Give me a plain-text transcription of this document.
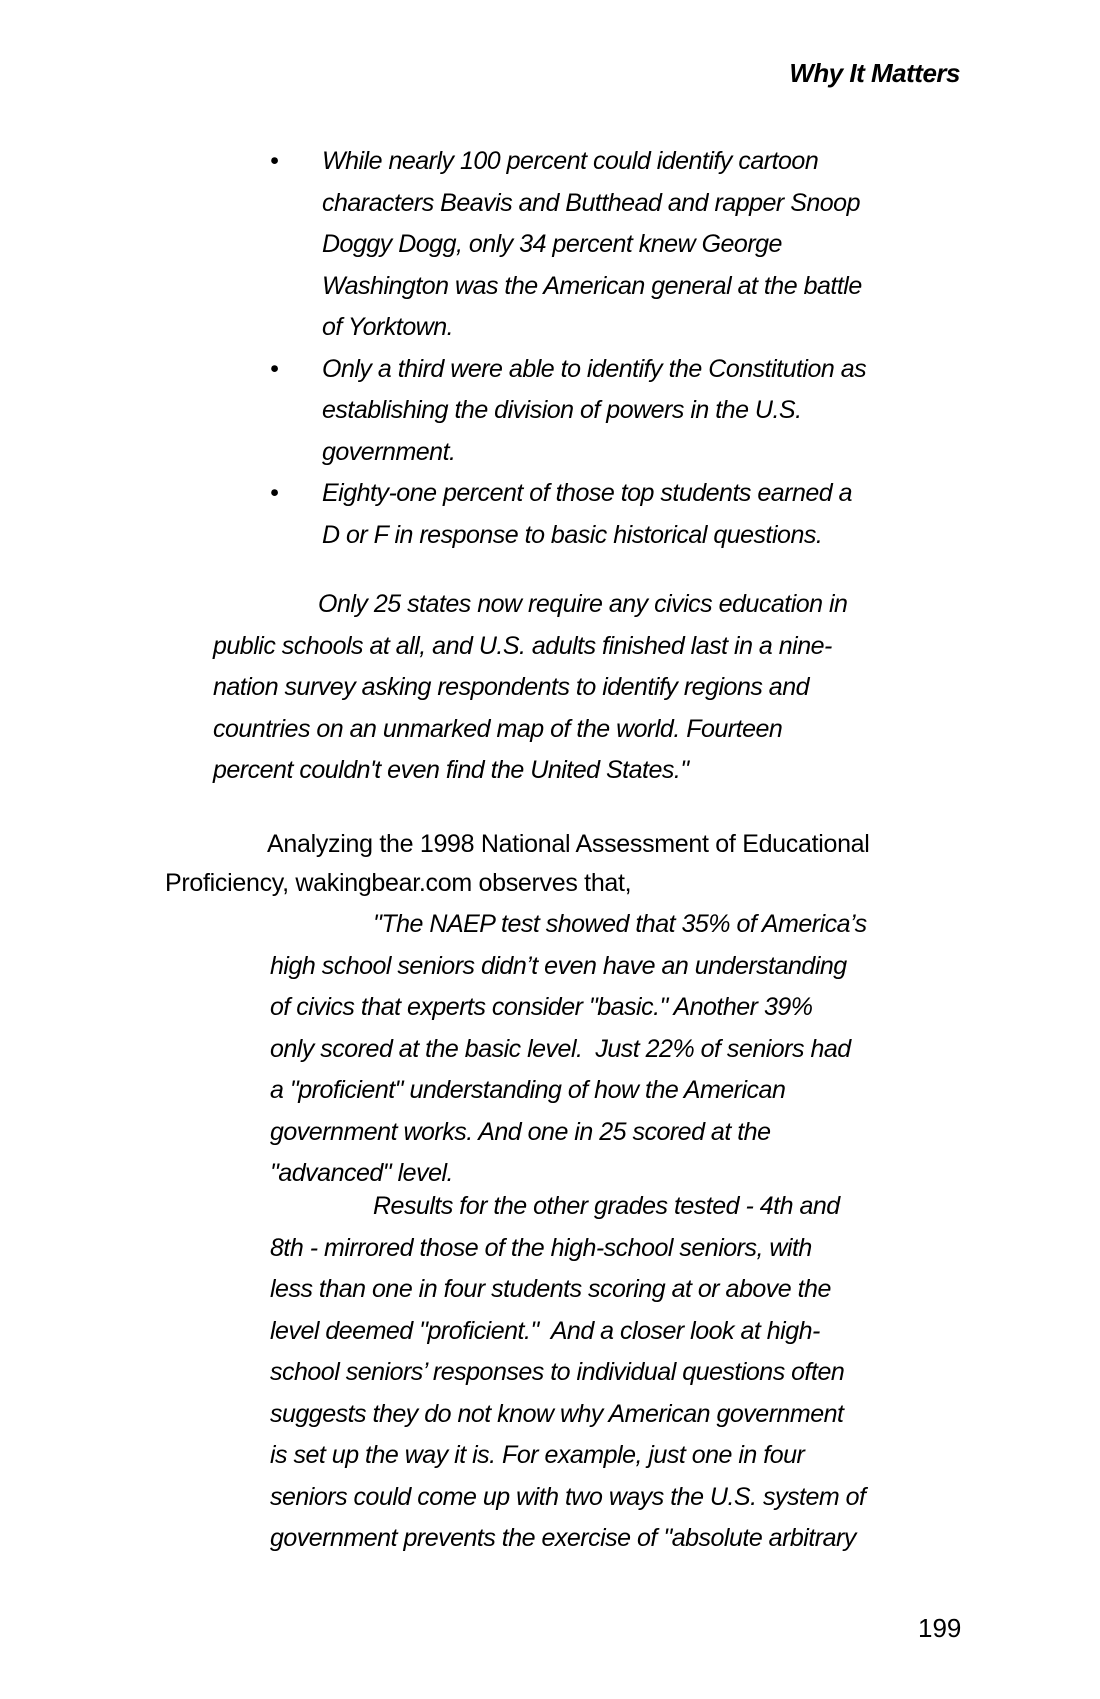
Why It Matters
•	While nearly 100 percent could identify cartoon
characters Beavis and Butthead and rapper Snoop
Doggy Dogg, only 34 percent knew George
Washington was the American general at the battle
of Yorktown.
•	Only a third were able to identify the Constitution as
establishing the division of powers in the U.S.
government.
•	Eighty-one percent of those top students earned a
D or F in response to basic historical questions.
Only 25 states now require any civics education in
public schools at all, and U.S. adults finished last in a nine-
nation survey asking respondents to identify regions and
countries on an unmarked map of the world. Fourteen
percent couldn't even find the United States."
Analyzing the 1998 National Assessment of Educational
Proficiency, wakingbear.com observes that,
"The NAEP test showed that 35% of America’s
high school seniors didn’t even have an understanding
of civics that experts consider "basic." Another 39%
only scored at the basic level.  Just 22% of seniors had
a "proficient" understanding of how the American
government works. And one in 25 scored at the
"advanced" level.
Results for the other grades tested - 4th and
8th - mirrored those of the high-school seniors, with
less than one in four students scoring at or above the
level deemed "proficient."  And a closer look at high-
school seniors’ responses to individual questions often
suggests they do not know why American government
is set up the way it is. For example, just one in four
seniors could come up with two ways the U.S. system of
government prevents the exercise of "absolute arbitrary
199
